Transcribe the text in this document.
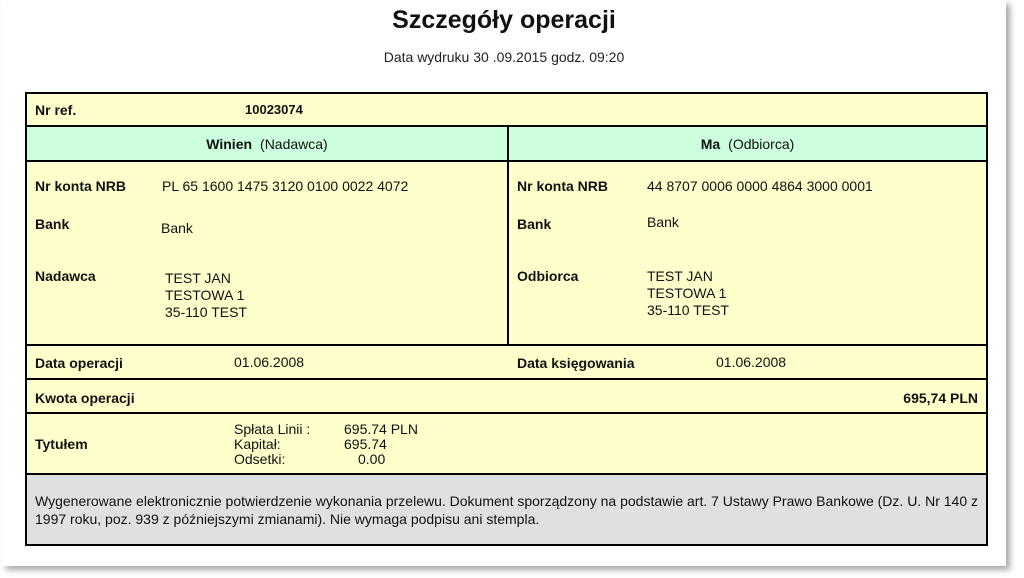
Szczegóły operacji
Data wydruku 30 .09.2015 godz. 09:20
Nr ref.	10023074
Winien (Nadawca)	Ma (Odbiorca)
Nr konta NRB	PL 65 1600 1475 3120 0100 0022 4072
Bank	Bank
Nadawca	TEST JAN
TESTOWA 1
35-110 TEST
Nr konta NRB	44 8707 0006 0000 4864 3000 0001
Bank	Bank
Odbiorca	TEST JAN
TESTOWA 1
35-110 TEST
Data operacji	01.06.2008	Data księgowania	01.06.2008
Kwota operacji	695,74 PLN
Tytułem
Spłata Linii :	695.74 PLN
Kapitał:	695.74
Odsetki:	0.00
Wygenerowane elektronicznie potwierdzenie wykonania przelewu. Dokument sporządzony na podstawie art. 7 Ustawy Prawo Bankowe (Dz. U. Nr 140 z 1997 roku, poz. 939 z późniejszymi zmianami). Nie wymaga podpisu ani stempla.
